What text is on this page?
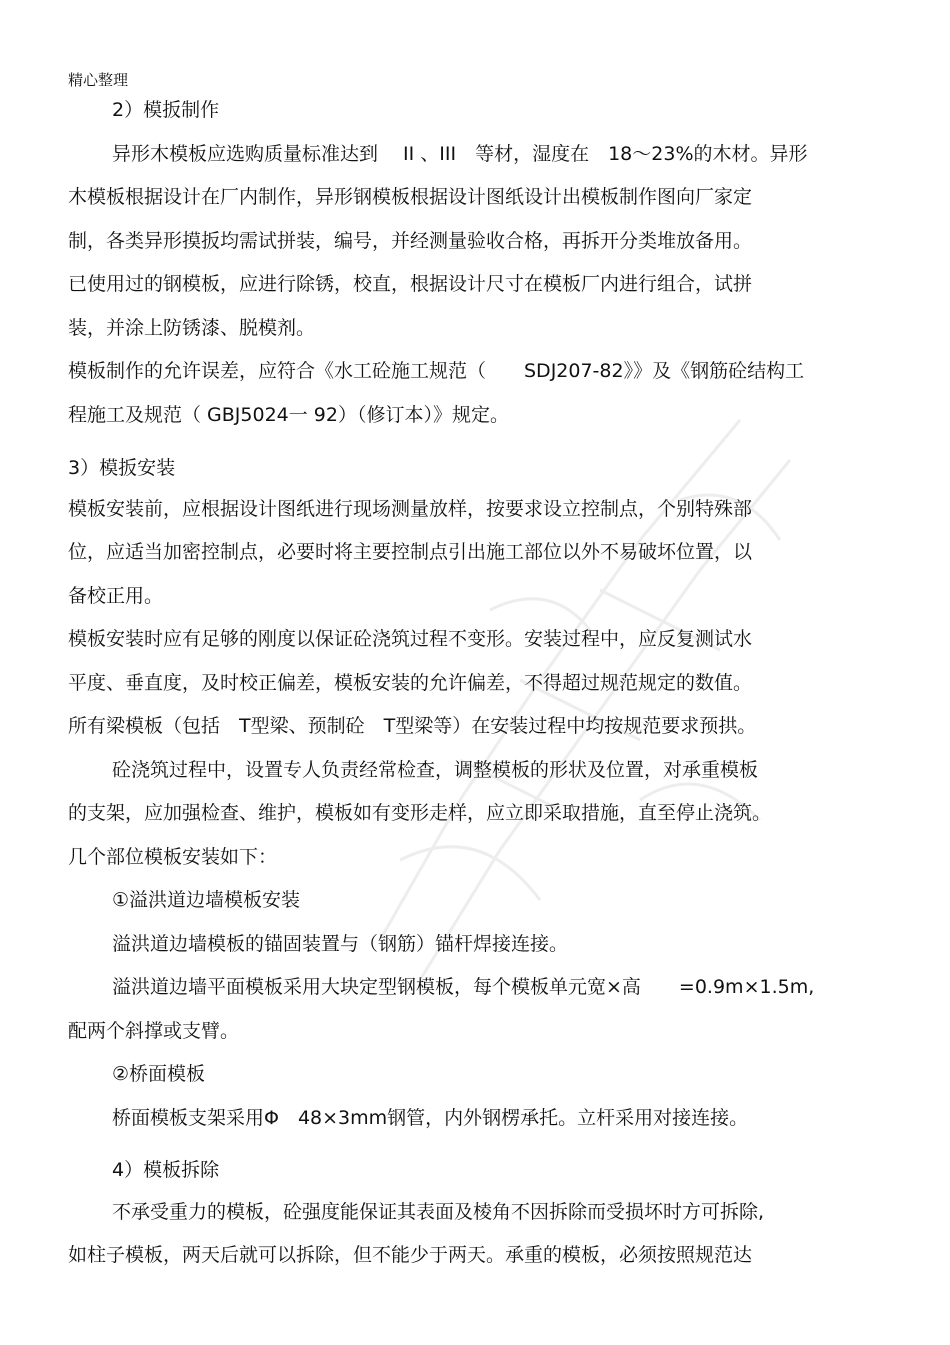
精心整理
2）模扳制作
异形木模板应选购质量标准达到　 II 、III　等材，湿度在　18～23%的木材。异形
木模板根据设计在厂内制作，异形钢模板根据设计图纸设计出模板制作图向厂家定
制，各类异形摸扳均需试拼装，编号，并经测量验收合格，再拆开分类堆放备用。
已使用过的钢模板，应进行除锈，校直，根据设计尺寸在模板厂内进行组合，试拼
装，并涂上防锈漆、脱模剂。
模板制作的允许误差，应符合《水工砼施工规范（　　SDJ207-82》》及《钢筋砼结构工
程施工及规范（ GBJ5024一 92）（修订本）》规定。
3）模扳安装
模板安装前，应根据设计图纸进行现场测量放样，按要求设立控制点，个别特殊部
位，应适当加密控制点，必要时将主要控制点引出施工部位以外不易破坏位置，以
备校正用。
模板安装时应有足够的刚度以保证砼浇筑过程不变形。安装过程中，应反复测试水
平度、垂直度，及时校正偏差，模板安装的允许偏差，不得超过规范规定的数值。
所有梁模板（包括　T型梁、预制砼　T型梁等）在安装过程中均按规范要求预拱。
砼浇筑过程中，设置专人负责经常检查，调整模板的形状及位置，对承重模板
的支架，应加强检查、维护，模板如有变形走样，应立即采取措施，直至停止浇筑。
几个部位模板安装如下：
①溢洪道边墙模板安装
溢洪道边墙模板的锚固装置与（钢筋）锚杆焊接连接。
溢洪道边墙平面模板采用大块定型钢模板，每个模板单元宽×高　　=0.9m×1.5m,
配两个斜撑或支臂。
②桥面模板
桥面模板支架采用Φ　48×3mm钢管，内外钢楞承托。立杆采用对接连接。
4）模板拆除
不承受重力的模板，砼强度能保证其表面及棱角不因拆除而受损坏时方可拆除,
如柱子模板，两天后就可以拆除，但不能少于两天。承重的模板，必须按照规范达
